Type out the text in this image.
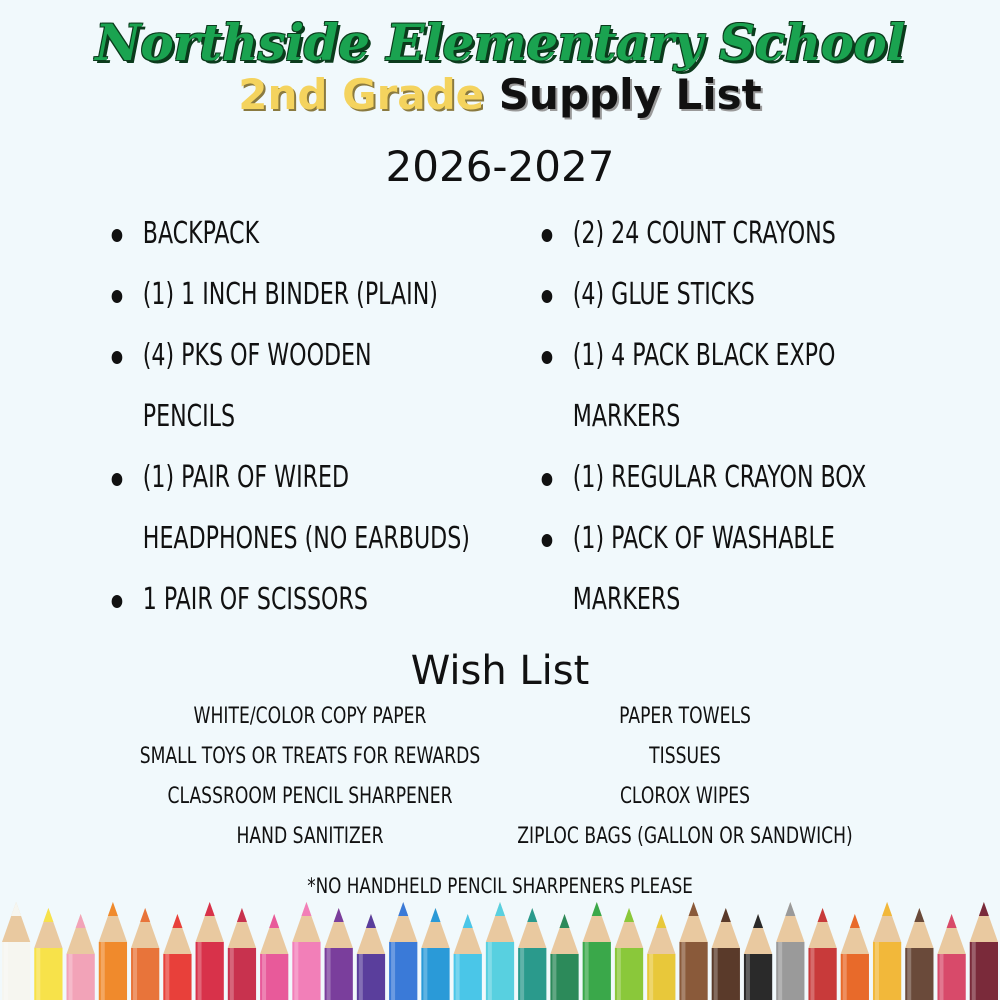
Northside Elementary School
2nd Grade Supply List
2026-2027
BACKPACK
(1) 1 INCH BINDER (PLAIN)
(4) PKS OF WOODEN PENCILS
(1) PAIR OF WIRED HEADPHONES (NO EARBUDS)
1 PAIR OF SCISSORS
(2) 24 COUNT CRAYONS
(4) GLUE STICKS
(1) 4 PACK BLACK EXPO MARKERS
(1) REGULAR CRAYON BOX
(1) PACK OF WASHABLE MARKERS
Wish List
WHITE/COLOR COPY PAPER
SMALL TOYS OR TREATS FOR REWARDS
CLASSROOM PENCIL SHARPENER
HAND SANITIZER
PAPER TOWELS
TISSUES
CLOROX WIPES
ZIPLOC BAGS (GALLON OR SANDWICH)
*NO HANDHELD PENCIL SHARPENERS PLEASE
